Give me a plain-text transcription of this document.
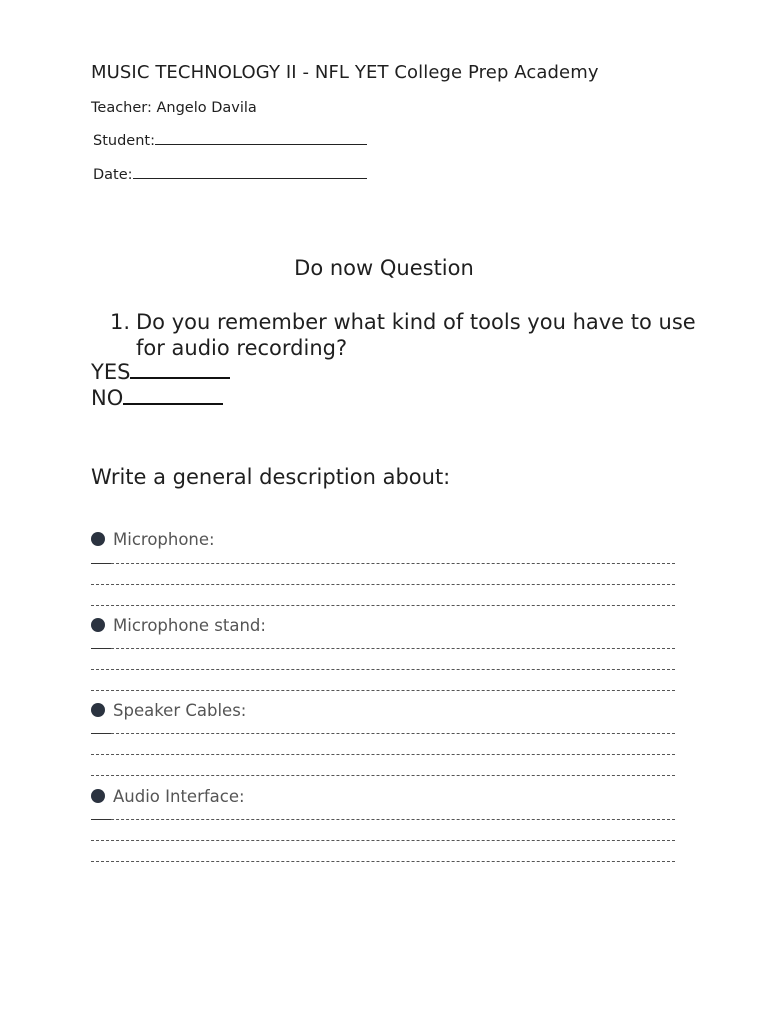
MUSIC TECHNOLOGY II - NFL YET College Prep Academy
Teacher: Angelo Davila
Student:
Date:
Do now Question
1. Do you remember what kind of tools you have to use for audio recording?
YES
NO
Write a general description about:
Microphone:
Microphone stand:
Speaker Cables:
Audio Interface:
